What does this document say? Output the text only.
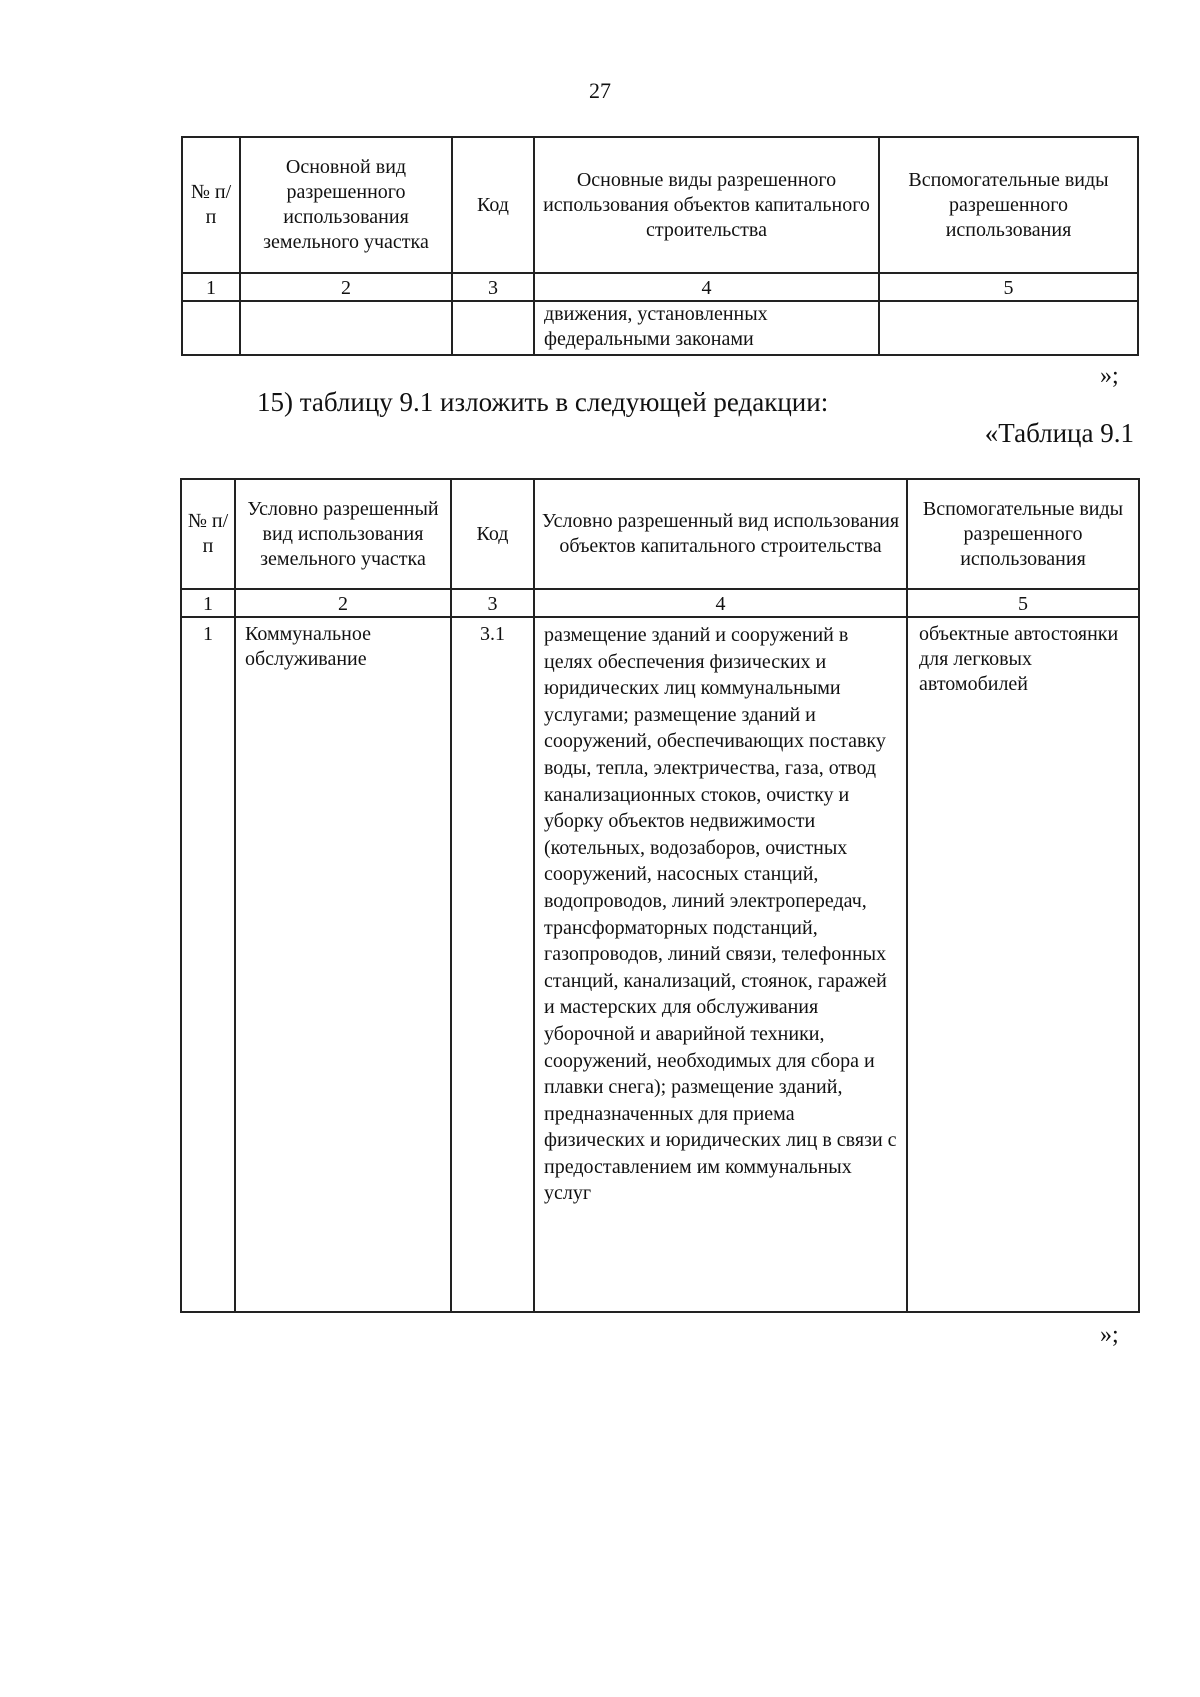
27
№ п/п	Основной вид разрешенного использования земельного участка	Код	Основные виды разрешенного использования объектов капитального строительства	Вспомогательные виды разрешенного использования
1	2	3	4	5
			движения, установленных федеральными законами	
»;
15) таблицу 9.1 изложить в следующей редакции:
«Таблица 9.1
№ п/п	Условно разрешенный вид использования земельного участка	Код	Условно разрешенный вид использования объектов капитального строительства	Вспомогательные виды разрешенного использования
1	2	3	4	5
1	Коммунальное обслуживание	3.1	размещение зданий и сооружений в целях обеспечения физических и юридических лиц коммунальными услугами; размещение зданий и сооружений, обеспечивающих поставку воды, тепла, электричества, газа, отвод канализационных стоков, очистку и уборку объектов недвижимости (котельных, водозаборов, очистных сооружений, насосных станций, водопроводов, линий электропередач, трансформаторных подстанций, газопроводов, линий связи, телефонных станций, канализаций, стоянок, гаражей и мастерских для обслуживания уборочной и аварийной техники, сооружений, необходимых для сбора и плавки снега); размещение зданий, предназначенных для приема физических и юридических лиц в связи с предоставлением им коммунальных услуг	объектные автостоянки для легковых автомобилей
»;
